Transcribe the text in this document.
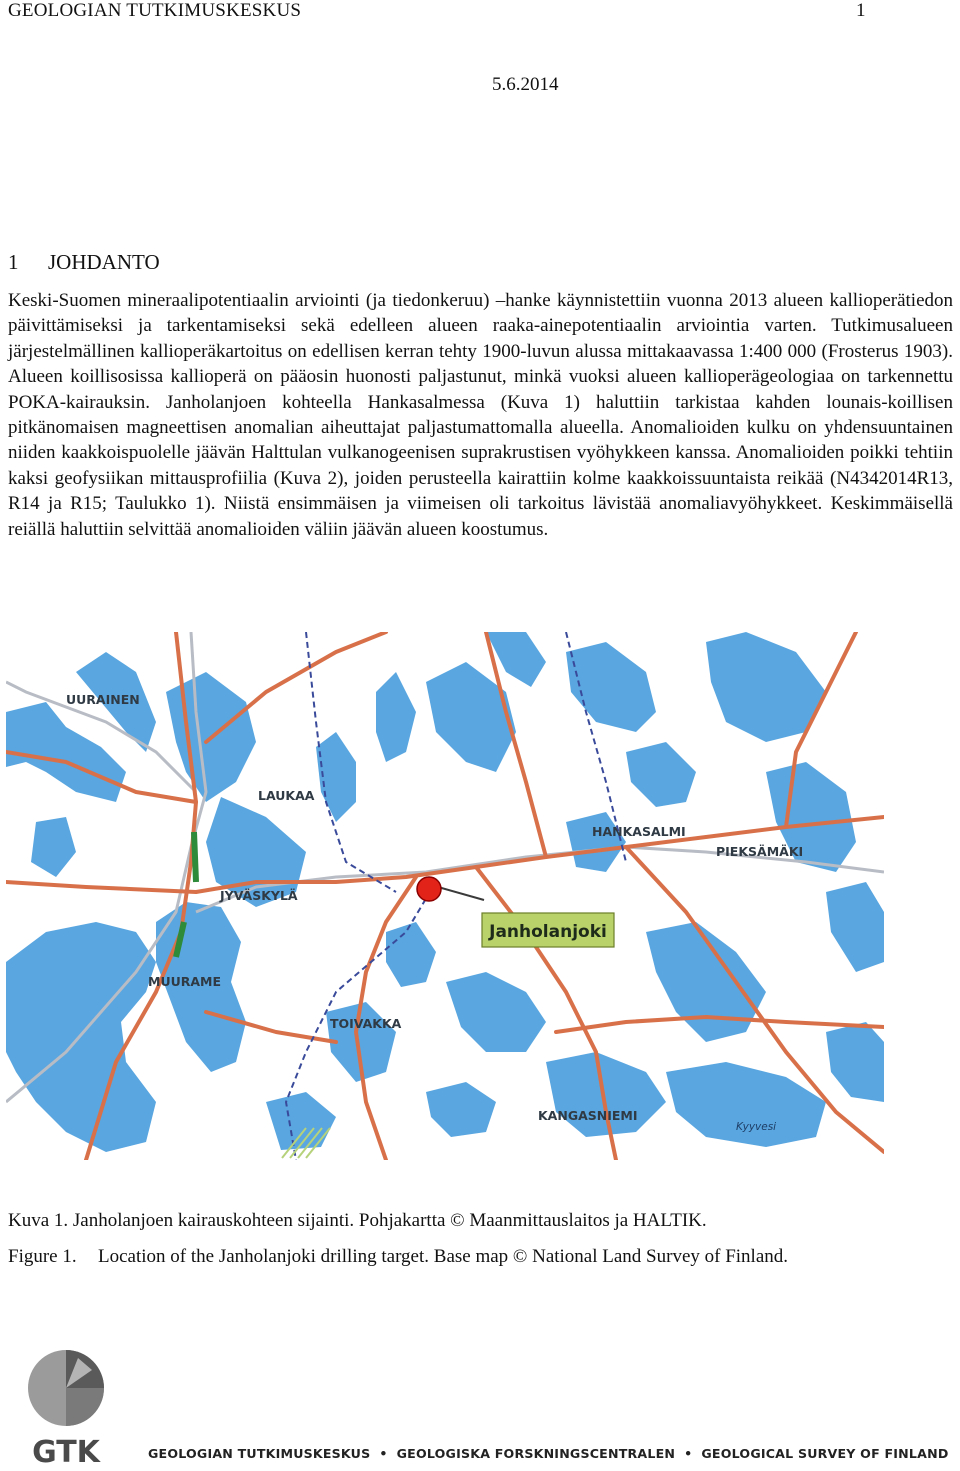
GEOLOGIAN TUTKIMUSKESKUS	1
5.6.2014
1 JOHDANTO
Keski-Suomen mineraalipotentiaalin arviointi (ja tiedonkeruu) –hanke käynnistettiin vuonna 2013 alueen kallioperätiedon päivittämiseksi ja tarkentamiseksi sekä edelleen alueen raaka-ainepotentiaalin arviointia varten. Tutkimusalueen järjestelmällinen kallioperäkartoitus on edellisen kerran tehty 1900-luvun alussa mittakaavassa 1:400 000 (Frosterus 1903). Alueen koillisosissa kallioperä on pääosin huonosti paljastunut, minkä vuoksi alueen kallioperägeologiaa on tarkennettu POKA-kairauksin. Janholanjoen kohteella Hankasalmessa (Kuva 1) haluttiin tarkistaa kahden lounais-koillisen pitkänomaisen magneettisen anomalian aiheuttajat paljastumattomalla alueella. Anomalioiden kulku on yhdensuuntainen niiden kaakkoispuolelle jäävän Halttulan vulkanogeenisen suprakrustisen vyöhykkeen kanssa. Anomalioiden poikki tehtiin kaksi geofysiikan mittausprofiilia (Kuva 2), joiden perusteella kairattiin kolme kaakkoissuuntaista reikää (N4342014R13, R14 ja R15; Taulukko 1). Niistä ensimmäisen ja viimeisen oli tarkoitus lävistää anomaliavyöhykkeet. Keskimmäisellä reiällä haluttiin selvittää anomalioiden väliin jäävän alueen koostumus.
Janholanjoki
UURAINEN
LAUKAA
HANKASALMI
PIEKSÄMÄKI
JYVÄSKYLÄ
MUURAME
TOIVAKKA
KANGASNIEMI
Kyyvesi
Kuva 1. Janholanjoen kairauskohteen sijainti. Pohjakartta © Maanmittauslaitos ja HALTIK.
Figure 1. Location of the Janholanjoki drilling target. Base map © National Land Survey of Finland.
GTK	GEOLOGIAN TUTKIMUSKESKUS • GEOLOGISKA FORSKNINGSCENTRALEN • GEOLOGICAL SURVEY OF FINLAND
